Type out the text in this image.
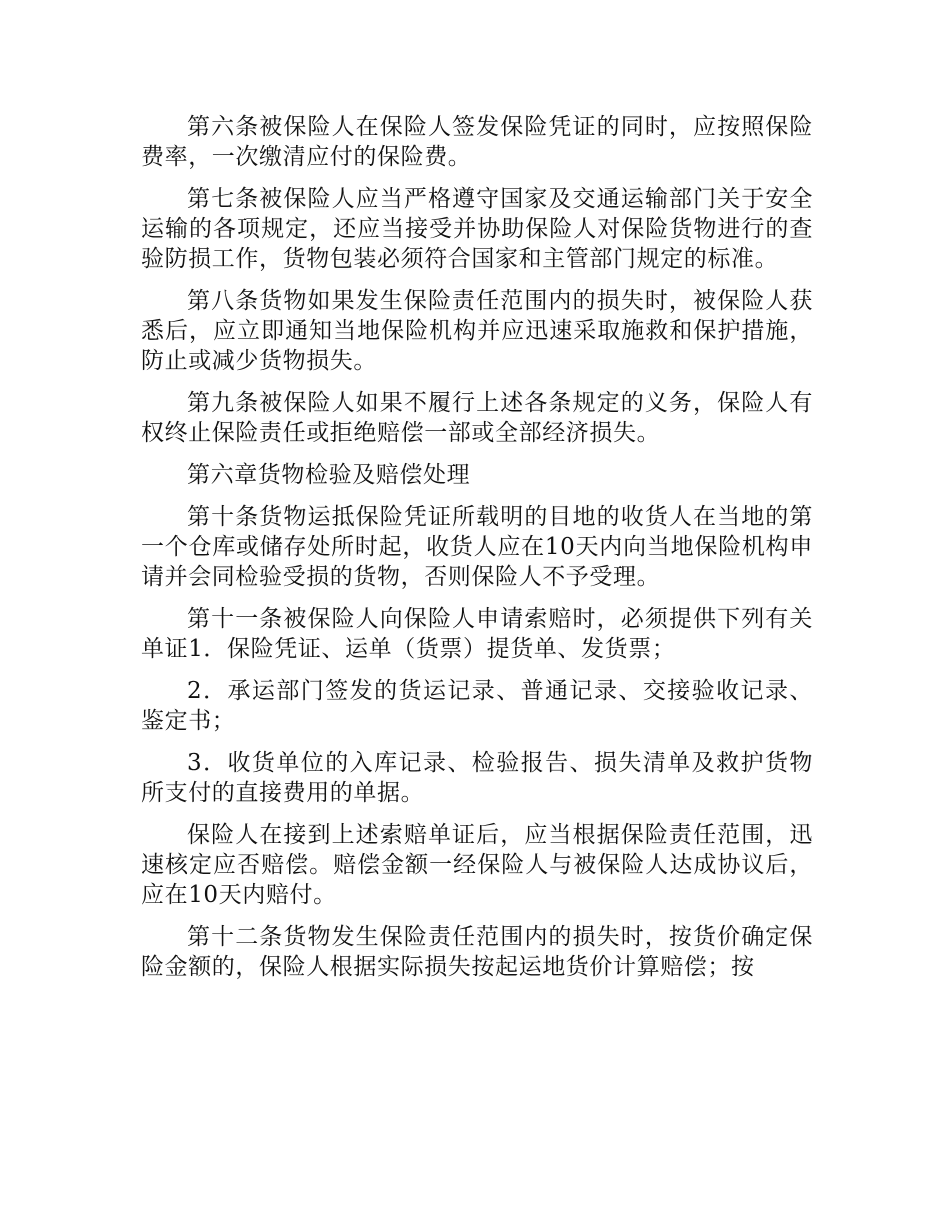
第六条被保险人在保险人签发保险凭证的同时，应按照保险费率，一次缴清应付的保险费。

第七条被保险人应当严格遵守国家及交通运输部门关于安全运输的各项规定，还应当接受并协助保险人对保险货物进行的查验防损工作，货物包装必须符合国家和主管部门规定的标准。

第八条货物如果发生保险责任范围内的损失时，被保险人获悉后，应立即通知当地保险机构并应迅速采取施救和保护措施，防止或减少货物损失。

第九条被保险人如果不履行上述各条规定的义务，保险人有权终止保险责任或拒绝赔偿一部或全部经济损失。

第六章货物检验及赔偿处理

第十条货物运抵保险凭证所载明的目地的收货人在当地的第一个仓库或储存处所时起，收货人应在10天内向当地保险机构申请并会同检验受损的货物，否则保险人不予受理。

第十一条被保险人向保险人申请索赔时，必须提供下列有关单证1．保险凭证、运单（货票）提货单、发货票；

2．承运部门签发的货运记录、普通记录、交接验收记录、鉴定书；

3．收货单位的入库记录、检验报告、损失清单及救护货物所支付的直接费用的单据。

保险人在接到上述索赔单证后，应当根据保险责任范围，迅速核定应否赔偿。赔偿金额一经保险人与被保险人达成协议后，应在10天内赔付。

第十二条货物发生保险责任范围内的损失时，按货价确定保险金额的，保险人根据实际损失按起运地货价计算赔偿；按
